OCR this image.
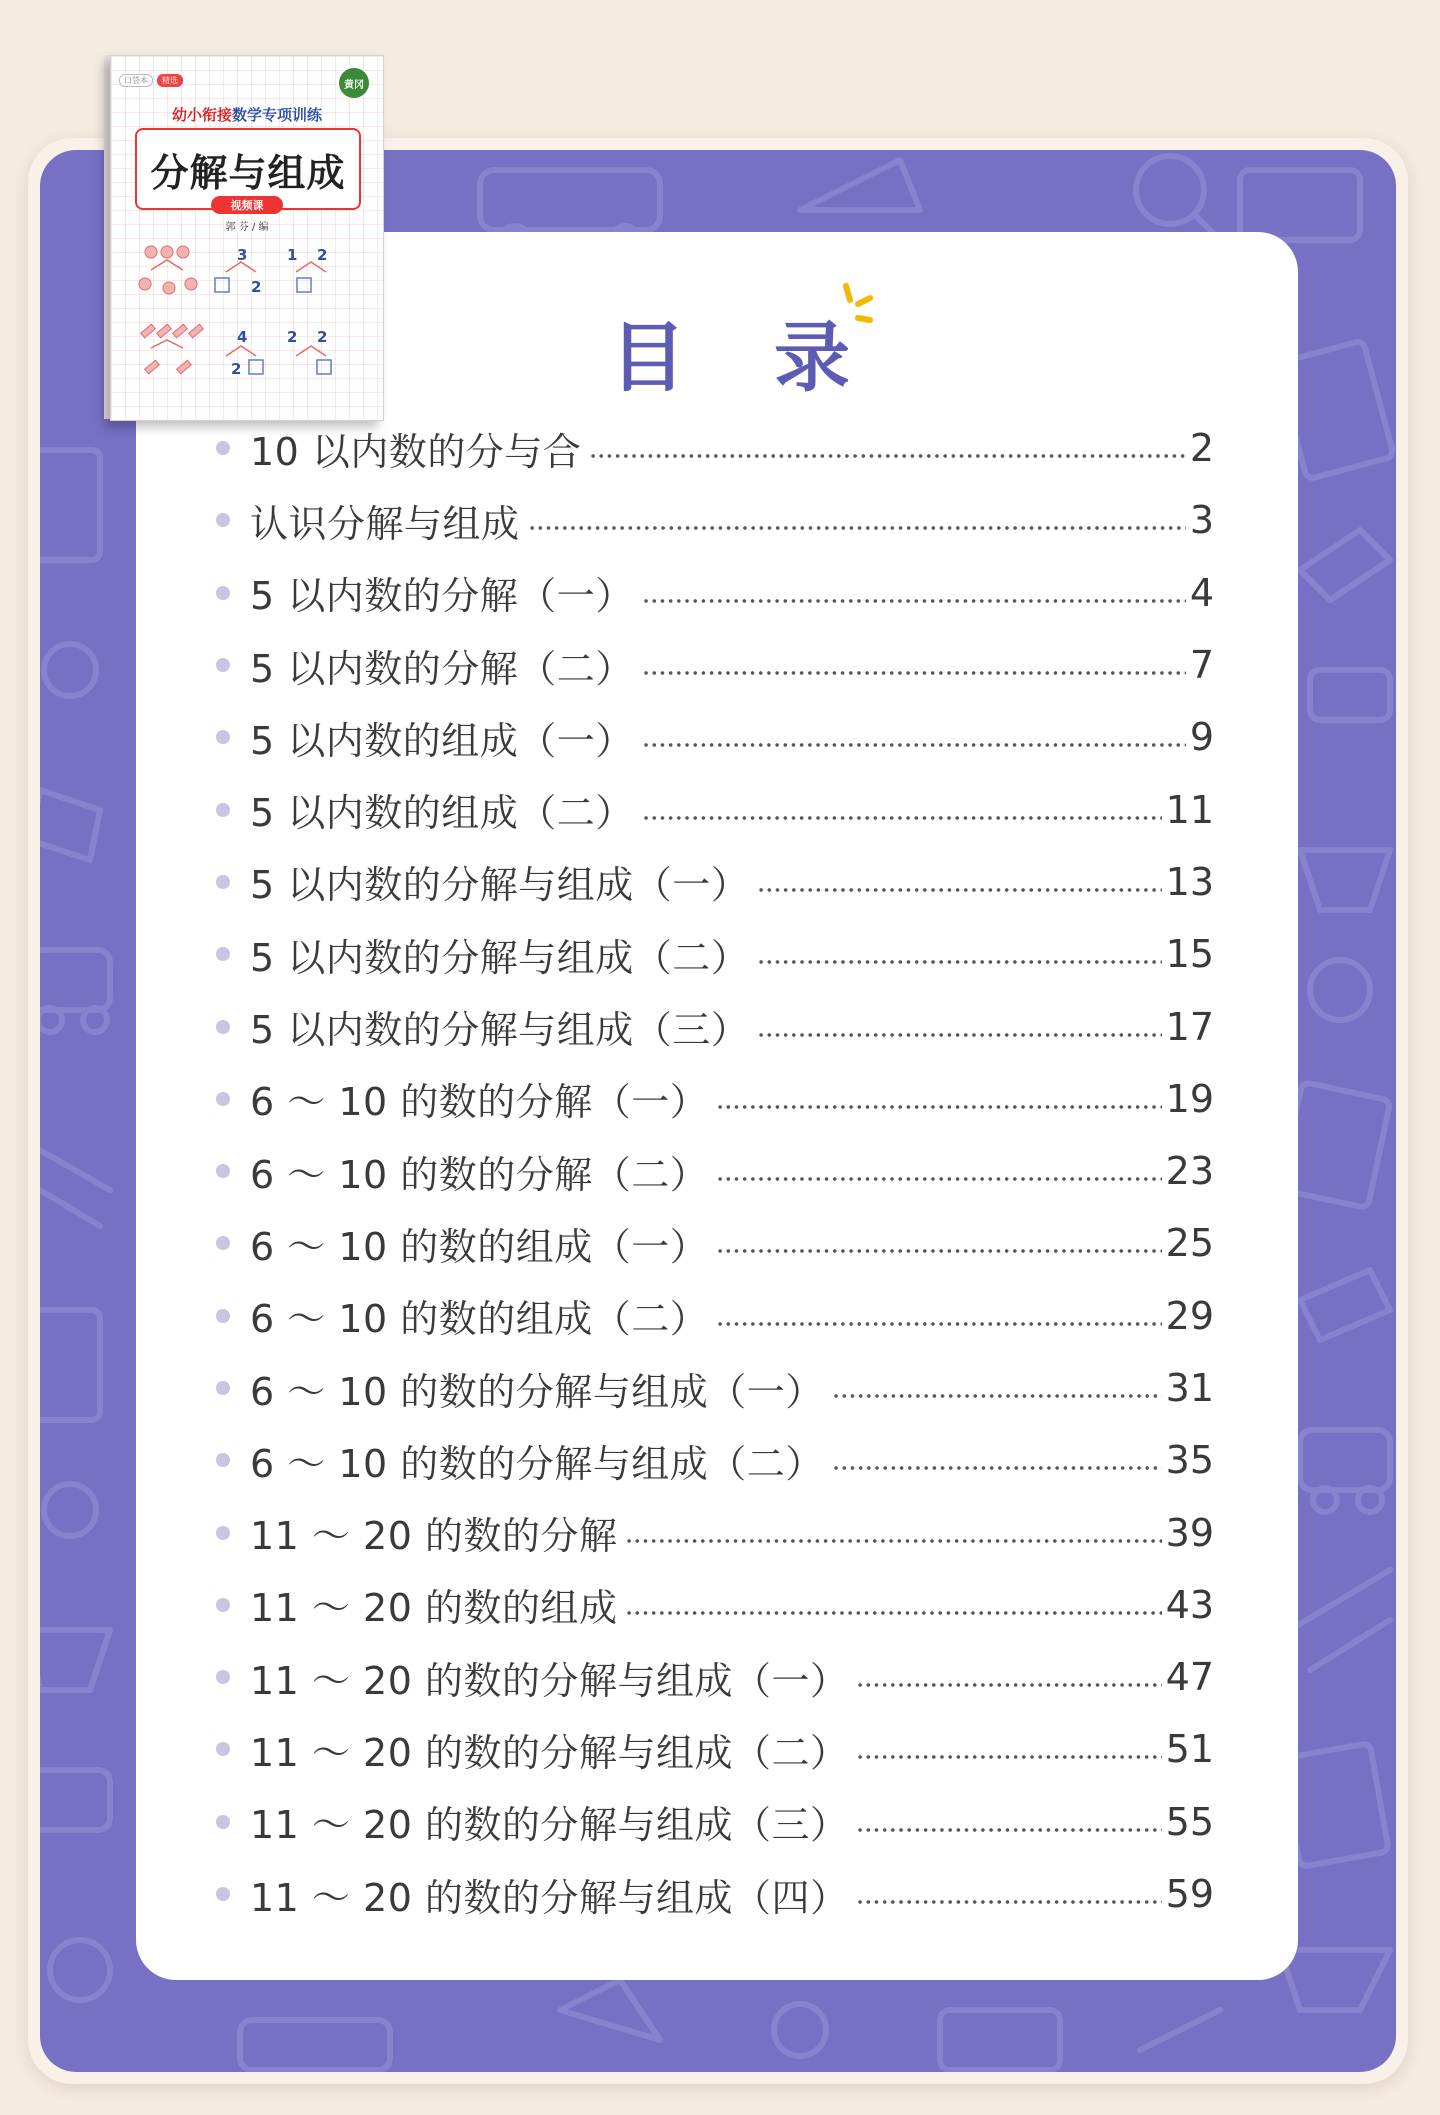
口袋本	精选	黄冈
幼小衔接数学专项训练
分解与组成
视频课
郭 芬 / 编
3	1 2
2
4	2 2
2	目 录
10 以内数的分与合	2
认识分解与组成	3
5 以内数的分解（一）	4
5 以内数的分解（二）	7
5 以内数的组成（一）	9
5 以内数的组成（二）	11
5 以内数的分解与组成（一）	13
5 以内数的分解与组成（二）	15
5 以内数的分解与组成（三）	17
6 ～ 10 的数的分解（一）	19
6 ～ 10 的数的分解（二）	23
6 ～ 10 的数的组成（一）	25
6 ～ 10 的数的组成（二）	29
6 ～ 10 的数的分解与组成（一）	31
6 ～ 10 的数的分解与组成（二）	35
11 ～ 20 的数的分解	39
11 ～ 20 的数的组成	43
11 ～ 20 的数的分解与组成（一）	47
11 ～ 20 的数的分解与组成（二）	51
11 ～ 20 的数的分解与组成（三）	55
11 ～ 20 的数的分解与组成（四）	59
